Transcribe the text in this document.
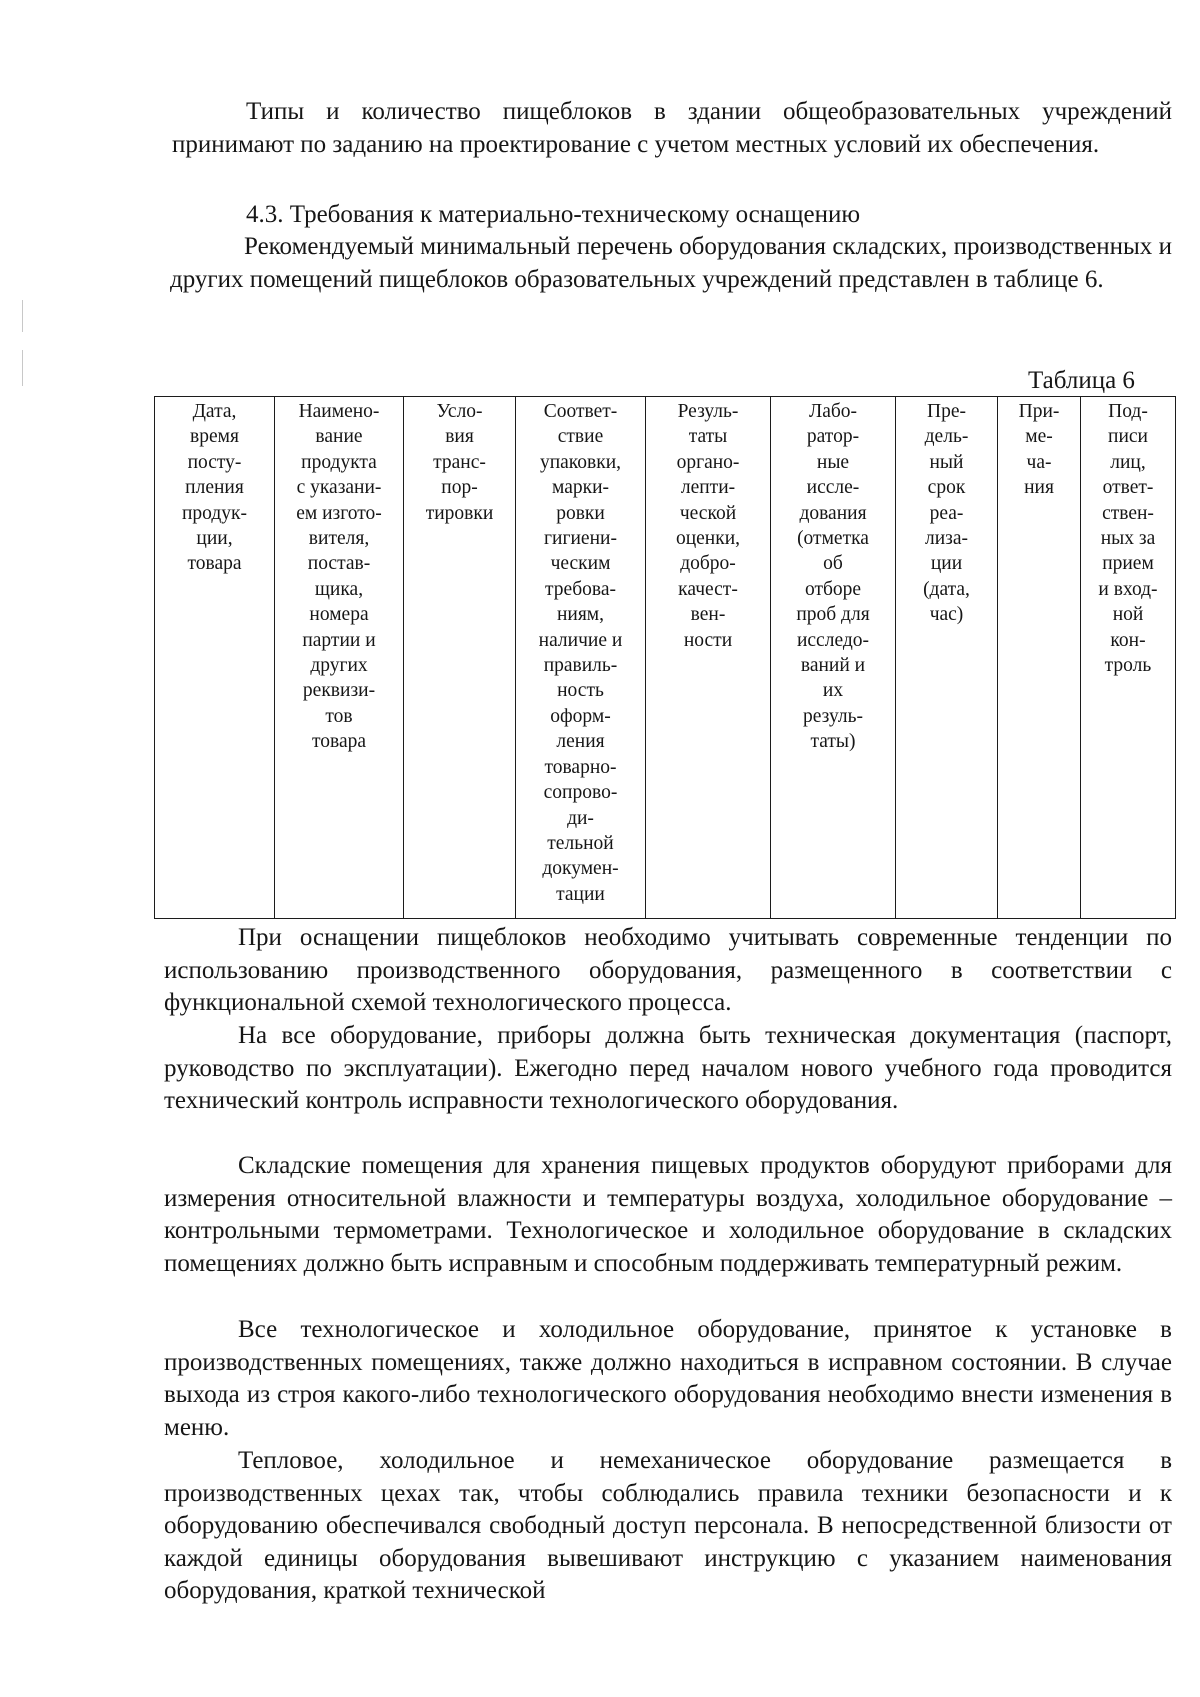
Типы и количество пищеблоков в здании общеобразовательных учреждений принимают по заданию на проектирование с учетом местных условий их обеспечения.

4.3. Требования к материально-техническому оснащению

Рекомендуемый минимальный перечень оборудования складских, производственных и других помещений пищеблоков образовательных учреждений представлен в таблице 6.

Таблица 6

Дата,
время
посту-
пления
продук-
ции,
товара	Наимено-
вание
продукта
с указани-
ем изгото-
вителя,
постав-
щика,
номера
партии и
других
реквизи-
тов
товара	Усло-
вия
транс-
пор-
тировки	Соответ-
ствие
упаковки,
марки-
ровки
гигиени-
ческим
требова-
ниям,
наличие и
правиль-
ность
оформ-
ления
товарно-
сопрово-
ди-
тельной
докумен-
тации	Резуль-
таты
органо-
лепти-
ческой
оценки,
добро-
качест-
вен-
ности	Лабо-
ратор-
ные
иссле-
дования
(отметка
об
отборе
проб для
исследо-
ваний и
их
резуль-
таты)	Пре-
дель-
ный
срок
реа-
лиза-
ции
(дата,
час)	При-
ме-
ча-
ния	Под-
писи
лиц,
ответ-
ствен-
ных за
прием
и вход-
ной
кон-
троль

При оснащении пищеблоков необходимо учитывать современные тенденции по использованию производственного оборудования, размещенного в соответствии с функциональной схемой технологического процесса.

На все оборудование, приборы должна быть техническая документация (паспорт, руководство по эксплуатации). Ежегодно перед началом нового учебного года проводится технический контроль исправности технологического оборудования.

Складские помещения для хранения пищевых продуктов оборудуют приборами для измерения относительной влажности и температуры воздуха, холодильное оборудование – контрольными термометрами. Технологическое и холодильное оборудование в складских помещениях должно быть исправным и способным поддерживать температурный режим.

Все технологическое и холодильное оборудование, принятое к установке в производственных помещениях, также должно находиться в исправном состоянии. В случае выхода из строя какого-либо технологического оборудования необходимо внести изменения в меню.

Тепловое, холодильное и немеханическое оборудование размещается в производственных цехах так, чтобы соблюдались правила техники безопасности и к оборудованию обеспечивался свободный доступ персонала. В непосредственной близости от каждой единицы оборудования вывешивают инструкцию с указанием наименования оборудования, краткой технической
